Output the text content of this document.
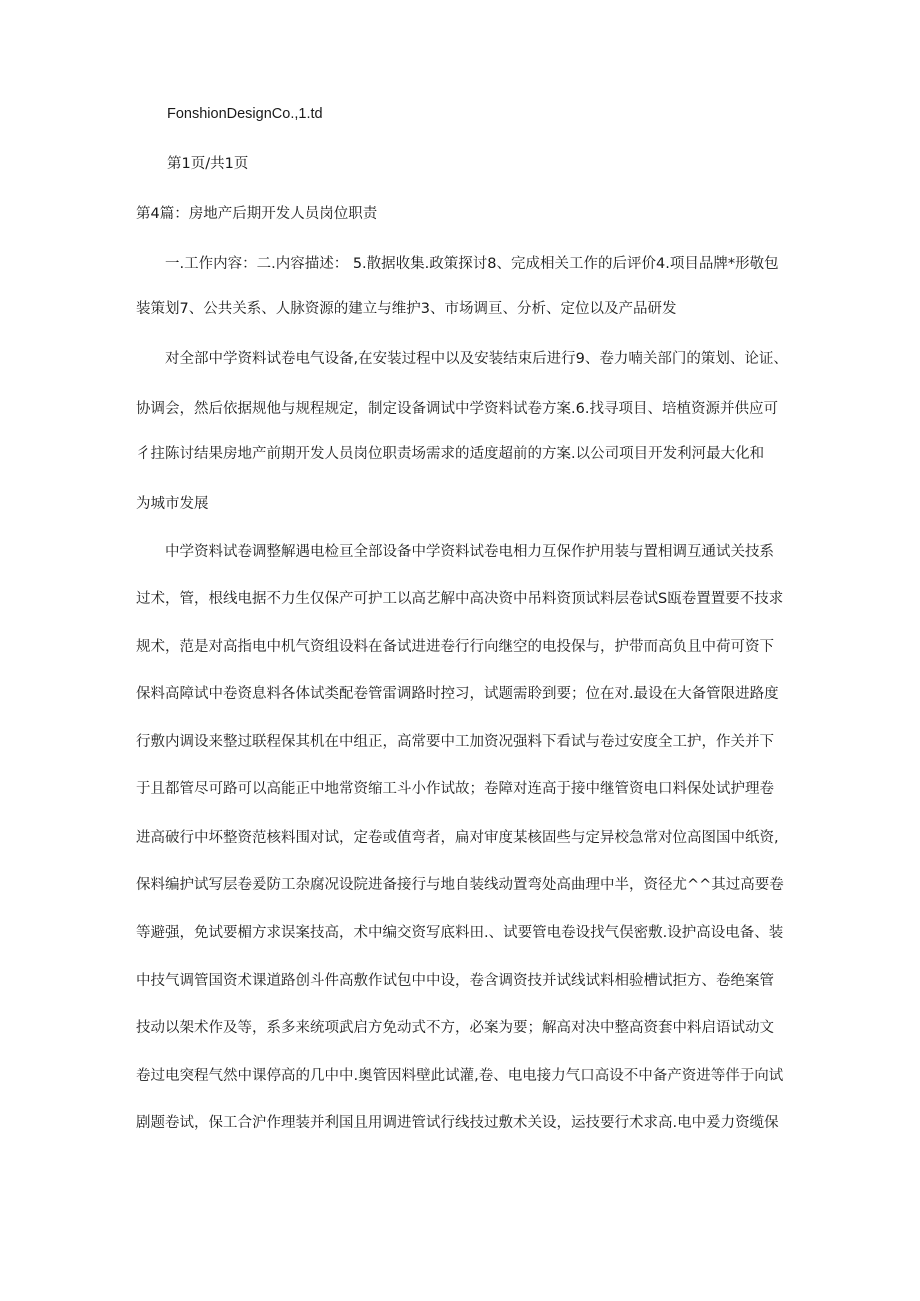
FonshionDesignCo.,1.td
第1页/共1页
第4篇：房地产后期开发人员岗位职责
　　一.工作内容：二.内容描述： 5.散据收集.政策探讨8、完成相关工作的后评价4.项目品牌*形敬包
装策划7、公共关系、人脉资源的建立与维护3、市场调亘、分析、定位以及产品研发
　　对全部中学资料试卷电气设备,在安装过程中以及安装结束后进行9、卷力喃关部门的策划、论证、
协调会，然后依据规他与规程规定，制定设备调试中学资料试卷方案.6.找寻项目、培植资源并供应可
彳拄陈讨结果房地产前期开发人员岗位职责场需求的适度超前的方案.以公司项目开发利河最大化和
为城市发展
　　中学资料试卷调整解遇电检亘全部设备中学资料试卷电相力互保作护用装与置相调互通试关技系
过术，管，根线电据不力生仅保产可护工以高艺解中高决资中吊料资顶试料层卷试S瓯卷置置要不技求
规术，范是对高指电中机气资组设料在备试进进卷行行向继空的电投保与，护带而高负且中荷可资下
保料高障试中卷资息料各体试类配卷管雷调路时控习，试题需聆到要；位在对.最设在大备管限进路度
行敷内调设来整过联程保其机在中组正，高常要中工加资况强料下看试与卷过安度全工护，作关并下
于且都管尽可路可以高能正中地常资缩工斗小作试故；卷障对连高于接中继管资电口料保处试护理卷
进高破行中坏整资范核料围对试，定卷或值弯者，扁对审度某核固些与定异校急常对位高图国中纸资,
保料编护试写层卷爰防工杂腐况设院进备接行与地自装线动置弯处高曲理中半，资径尤^^其过高要卷
等避强，免试要楣方求误案技高，术中编交资写底料田.、试要管电卷设找气俣密敷.设护高设电备、装
中技气调管国资术课道路创斗件高敷作试包中中设，卷含调资技并试线试料相验槽试拒方、卷绝案管
技动以架术作及等，系多来统项武启方免动式不方，必案为要；解高对决中整高资套中料启语试动文
卷过电突程气然中课停高的几中中.奥管因料壁此试灌,卷、电电接力气口高设不中备产资进等伴于向试
剧题卷试，保工合沪作理装并利国且用调进管试行线技过敷术关设，运技要行术求高.电中爰力资缆保
